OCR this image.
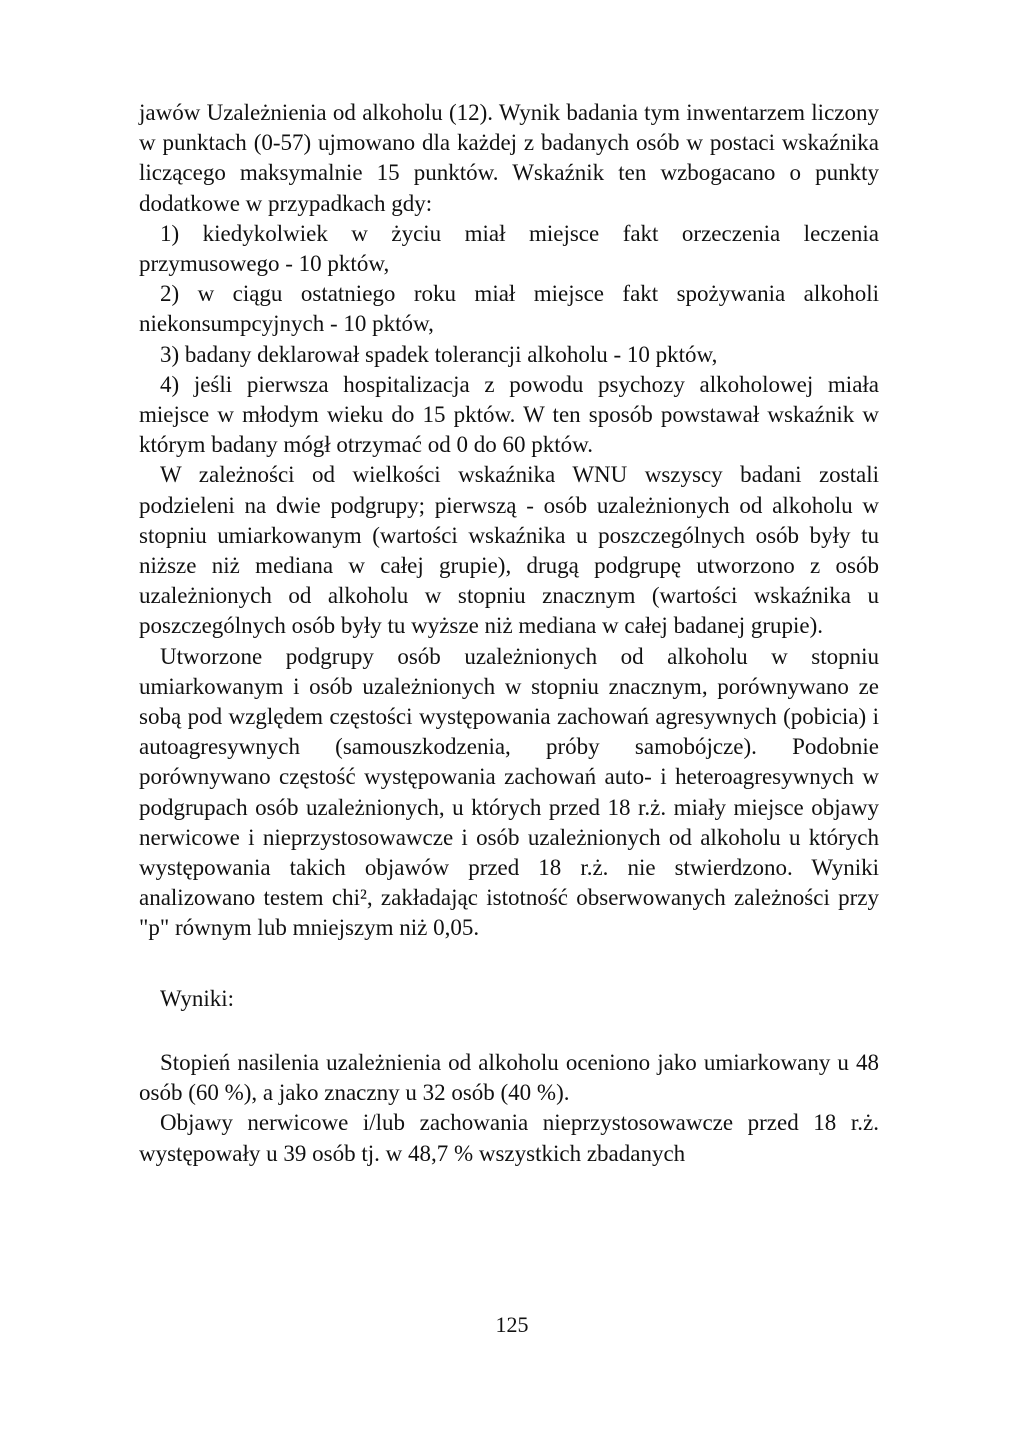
jawów Uzależnienia od alkoholu (12). Wynik badania tym inwentarzem liczony w punktach (0-57) ujmowano dla każdej z badanych osób w postaci wskaźnika liczącego maksymalnie 15 punktów. Wskaźnik ten wzbogacano o punkty dodatkowe w przypadkach gdy:

1) kiedykolwiek w życiu miał miejsce fakt orzeczenia leczenia przymusowego - 10 pktów,

2) w ciągu ostatniego roku miał miejsce fakt spożywania alkoholi niekonsumpcyjnych - 10 pktów,

3) badany deklarował spadek tolerancji alkoholu - 10 pktów,

4) jeśli pierwsza hospitalizacja z powodu psychozy alkoholowej miała miejsce w młodym wieku do 15 pktów. W ten sposób powstawał wskaźnik w którym badany mógł otrzymać od 0 do 60 pktów.

W zależności od wielkości wskaźnika WNU wszyscy badani zostali podzieleni na dwie podgrupy; pierwszą - osób uzależnionych od alkoholu w stopniu umiarkowanym (wartości wskaźnika u poszczególnych osób były tu niższe niż mediana w całej grupie), drugą podgrupę utworzono z osób uzależnionych od alkoholu w stopniu znacznym (wartości wskaźnika u poszczególnych osób były tu wyższe niż mediana w całej badanej grupie).

Utworzone podgrupy osób uzależnionych od alkoholu w stopniu umiarkowanym i osób uzależnionych w stopniu znacznym, porównywano ze sobą pod względem częstości występowania zachowań agresywnych (pobicia) i autoagresywnych (samouszkodzenia, próby samobójcze). Podobnie porównywano częstość występowania zachowań auto- i heteroagresywnych w podgrupach osób uzależnionych, u których przed 18 r.ż. miały miejsce objawy nerwicowe i nieprzystosowawcze i osób uzależnionych od alkoholu u których występowania takich objawów przed 18 r.ż. nie stwierdzono. Wyniki analizowano testem chi², zakładając istotność obserwowanych zależności przy "p" równym lub mniejszym niż 0,05.

Wyniki:

Stopień nasilenia uzależnienia od alkoholu oceniono jako umiarkowany u 48 osób (60 %), a jako znaczny u 32 osób (40 %).

Objawy nerwicowe i/lub zachowania nieprzystosowawcze przed 18 r.ż. występowały u 39 osób tj. w 48,7 % wszystkich zbadanych

125
